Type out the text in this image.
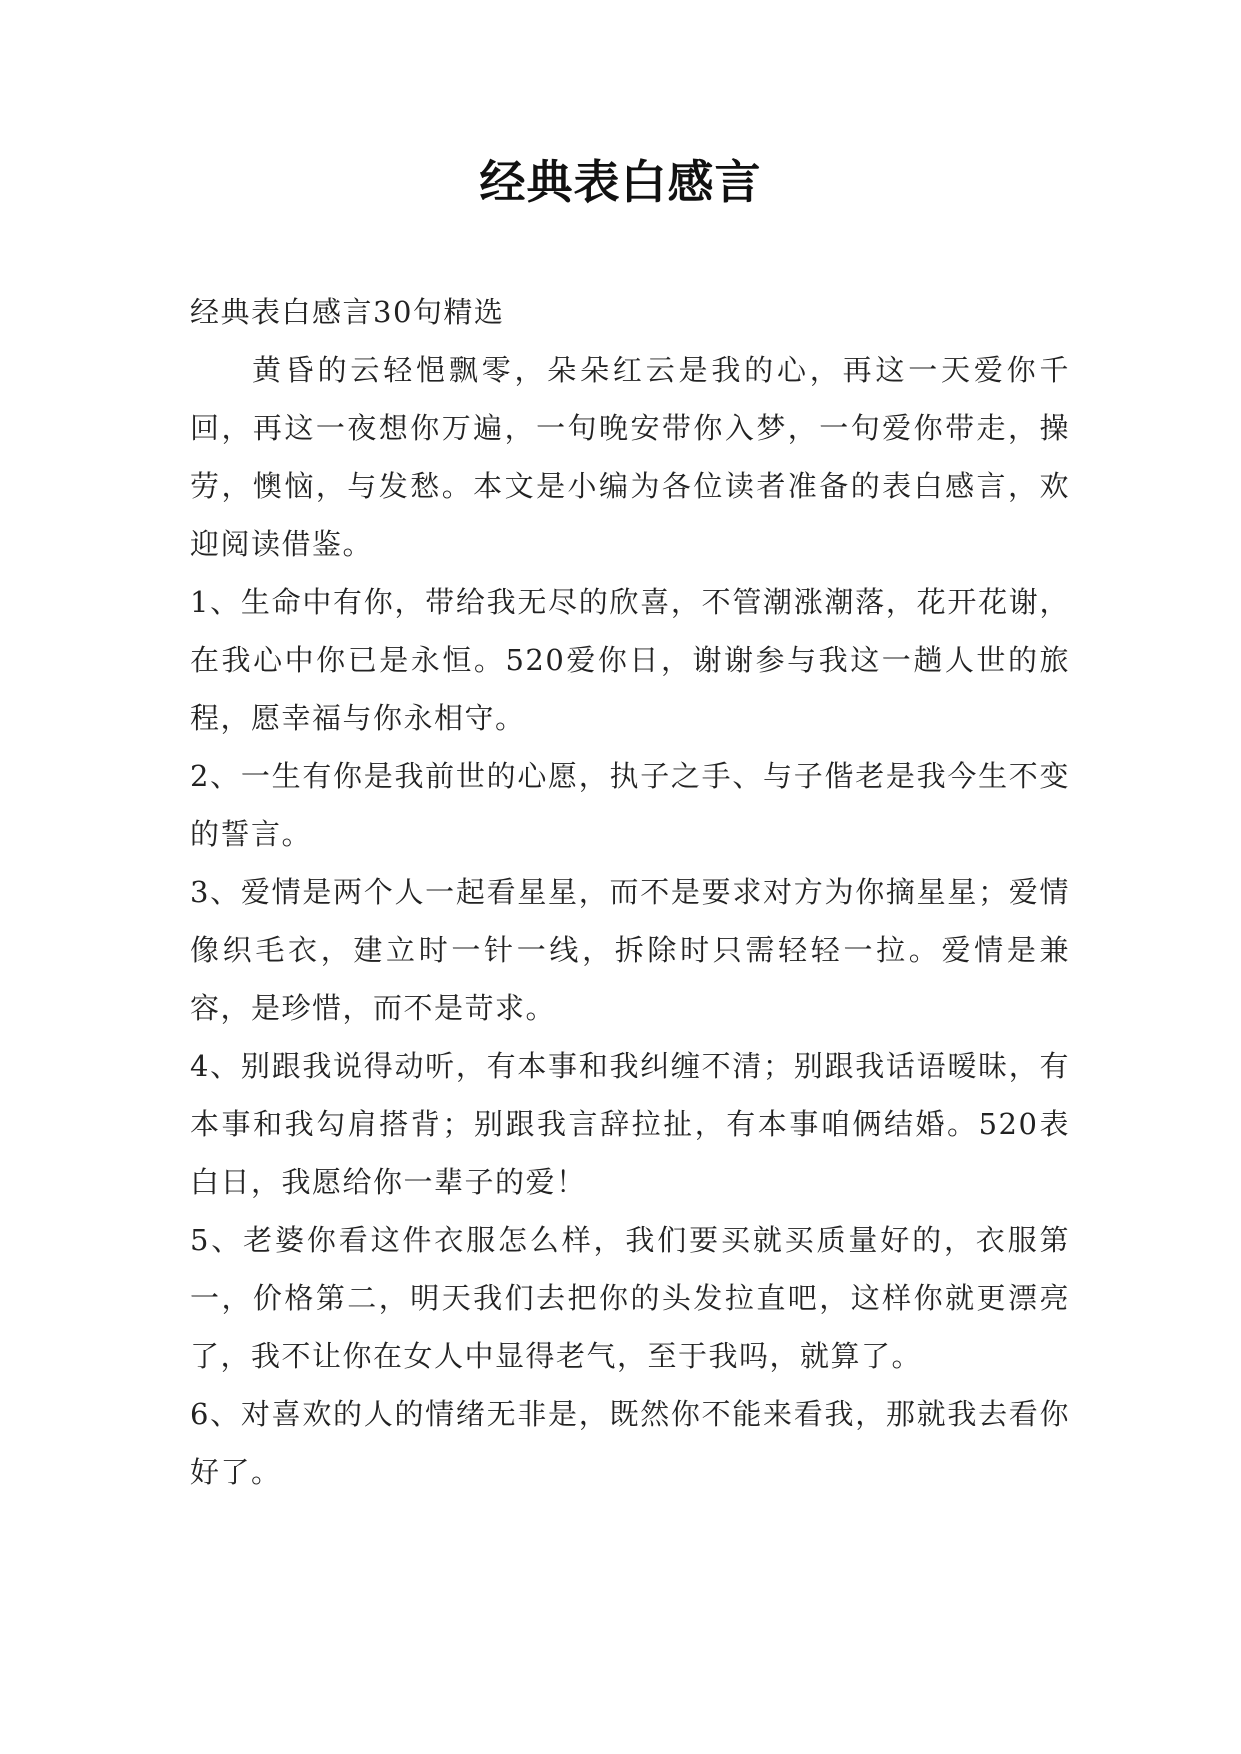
经典表白感言

经典表白感言30句精选

黄昏的云轻悒飘零，朵朵红云是我的心，再这一天爱你千回，再这一夜想你万遍，一句晚安带你入梦，一句爱你带走，操劳，懊恼，与发愁。本文是小编为各位读者准备的表白感言，欢迎阅读借鉴。

1、生命中有你，带给我无尽的欣喜，不管潮涨潮落，花开花谢，在我心中你已是永恒。520爱你日，谢谢参与我这一趟人世的旅程，愿幸福与你永相守。

2、一生有你是我前世的心愿，执子之手、与子偕老是我今生不变的誓言。

3、爱情是两个人一起看星星，而不是要求对方为你摘星星；爱情像织毛衣，建立时一针一线，拆除时只需轻轻一拉。爱情是兼容，是珍惜，而不是苛求。

4、别跟我说得动听，有本事和我纠缠不清；别跟我话语暧昧，有本事和我勾肩搭背；别跟我言辞拉扯，有本事咱俩结婚。520表白日，我愿给你一辈子的爱！

5、老婆你看这件衣服怎么样，我们要买就买质量好的，衣服第一，价格第二，明天我们去把你的头发拉直吧，这样你就更漂亮了，我不让你在女人中显得老气，至于我吗，就算了。

6、对喜欢的人的情绪无非是，既然你不能来看我，那就我去看你好了。
